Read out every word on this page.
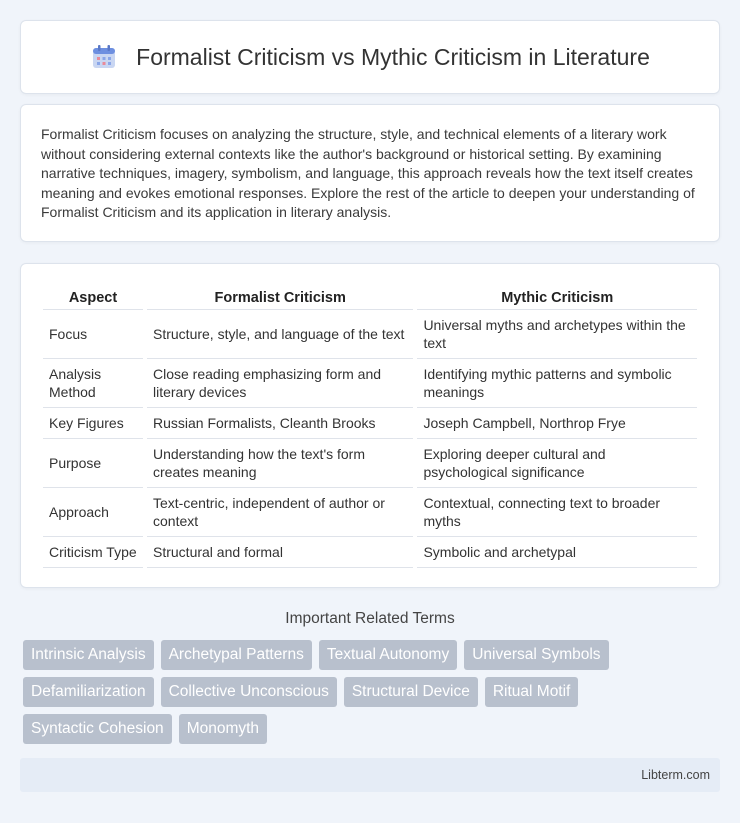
Formalist Criticism vs Mythic Criticism in Literature

Formalist Criticism focuses on analyzing the structure, style, and technical elements of a literary work without considering external contexts like the author's background or historical setting. By examining narrative techniques, imagery, symbolism, and language, this approach reveals how the text itself creates meaning and evokes emotional responses. Explore the rest of the article to deepen your understanding of Formalist Criticism and its application in literary analysis.

Aspect	Formalist Criticism	Mythic Criticism
Focus	Structure, style, and language of the text	Universal myths and archetypes within the text
Analysis Method	Close reading emphasizing form and literary devices	Identifying mythic patterns and symbolic meanings
Key Figures	Russian Formalists, Cleanth Brooks	Joseph Campbell, Northrop Frye
Purpose	Understanding how the text's form creates meaning	Exploring deeper cultural and psychological significance
Approach	Text-centric, independent of author or context	Contextual, connecting text to broader myths
Criticism Type	Structural and formal	Symbolic and archetypal
Important Related Terms
Intrinsic Analysis	Archetypal Patterns	Textual Autonomy	Universal Symbols
Defamiliarization	Collective Unconscious	Structural Device	Ritual Motif
Syntactic Cohesion	Monomyth
Libterm.com
